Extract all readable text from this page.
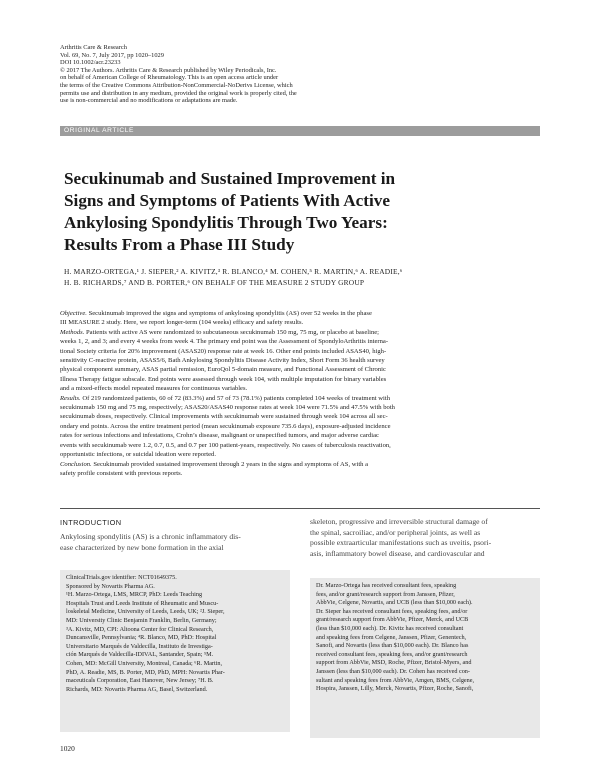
Arthritis Care & Research
Vol. 69, No. 7, July 2017, pp 1020–1029
DOI 10.1002/acr.23233
© 2017 The Authors. Arthritis Care & Research published by Wiley Periodicals, Inc.
on behalf of American College of Rheumatology. This is an open access article under
the terms of the Creative Commons Attribution-NonCommercial-NoDerivs License, which
permits use and distribution in any medium, provided the original work is properly cited, the
use is non-commercial and no modifications or adaptations are made.
ORIGINAL ARTICLE
Secukinumab and Sustained Improvement in
Signs and Symptoms of Patients With Active
Ankylosing Spondylitis Through Two Years:
Results From a Phase III Study
H. MARZO-ORTEGA,¹ J. SIEPER,² A. KIVITZ,³ R. BLANCO,⁴ M. COHEN,⁵ R. MARTIN,⁶ A. READIE,⁶
H. B. RICHARDS,⁷ AND B. PORTER,⁶ ON BEHALF OF THE MEASURE 2 STUDY GROUP
Objective. Secukinumab improved the signs and symptoms of ankylosing spondylitis (AS) over 52 weeks in the phase
III MEASURE 2 study. Here, we report longer-term (104 weeks) efficacy and safety results.
Methods. Patients with active AS were randomized to subcutaneous secukinumab 150 mg, 75 mg, or placebo at baseline;
weeks 1, 2, and 3; and every 4 weeks from week 4. The primary end point was the Assessment of SpondyloArthritis interna-
tional Society criteria for 20% improvement (ASAS20) response rate at week 16. Other end points included ASAS40, high-
sensitivity C-reactive protein, ASAS5/6, Bath Ankylosing Spondylitis Disease Activity Index, Short Form 36 health survey
physical component summary, ASAS partial remission, EuroQol 5-domain measure, and Functional Assessment of Chronic
Illness Therapy fatigue subscale. End points were assessed through week 104, with multiple imputation for binary variables
and a mixed-effects model repeated measures for continuous variables.
Results. Of 219 randomized patients, 60 of 72 (83.3%) and 57 of 73 (78.1%) patients completed 104 weeks of treatment with
secukinumab 150 mg and 75 mg, respectively; ASAS20/ASAS40 response rates at week 104 were 71.5% and 47.5% with both
secukinumab doses, respectively. Clinical improvements with secukinumab were sustained through week 104 across all sec-
ondary end points. Across the entire treatment period (mean secukinumab exposure 735.6 days), exposure-adjusted incidence
rates for serious infections and infestations, Crohn’s disease, malignant or unspecified tumors, and major adverse cardiac
events with secukinumab were 1.2, 0.7, 0.5, and 0.7 per 100 patient-years, respectively. No cases of tuberculosis reactivation,
opportunistic infections, or suicidal ideation were reported.
Conclusion. Secukinumab provided sustained improvement through 2 years in the signs and symptoms of AS, with a
safety profile consistent with previous reports.
INTRODUCTION
Ankylosing spondylitis (AS) is a chronic inflammatory dis-
ease characterized by new bone formation in the axial
skeleton, progressive and irreversible structural damage of
the spinal, sacroiliac, and/or peripheral joints, as well as
possible extraarticular manifestations such as uveitis, psori-
asis, inflammatory bowel disease, and cardiovascular and
ClinicalTrials.gov identifier: NCT01649375.
Sponsored by Novartis Pharma AG.
¹H. Marzo-Ortega, LMS, MRCP, PhD: Leeds Teaching
Hospitals Trust and Leeds Institute of Rheumatic and Muscu-
loskeletal Medicine, University of Leeds, Leeds, UK; ²J. Sieper,
MD: University Clinic Benjamin Franklin, Berlin, Germany;
³A. Kivitz, MD, CPI: Altoona Center for Clinical Research,
Duncansville, Pennsylvania; ⁴R. Blanco, MD, PhD: Hospital
Universitario Marqués de Valdecilla, Instituto de Investiga-
ción Marqués de Valdecilla-IDIVAL, Santander, Spain; ⁵M.
Cohen, MD: McGill University, Montreal, Canada; ⁶R. Martin,
PhD, A. Readie, MS, B. Porter, MD, PhD, MPH: Novartis Phar-
maceuticals Corporation, East Hanover, New Jersey; ⁷H. B.
Richards, MD: Novartis Pharma AG, Basel, Switzerland.
Dr. Marzo-Ortega has received consultant fees, speaking
fees, and/or grant/research support from Janssen, Pfizer,
AbbVie, Celgene, Novartis, and UCB (less than $10,000 each).
Dr. Sieper has received consultant fees, speaking fees, and/or
grant/research support from AbbVie, Pfizer, Merck, and UCB
(less than $10,000 each). Dr. Kivitz has received consultant
and speaking fees from Celgene, Janssen, Pfizer, Genentech,
Sanofi, and Novartis (less than $10,000 each). Dr. Blanco has
received consultant fees, speaking fees, and/or grant/research
support from AbbVie, MSD, Roche, Pfizer, Bristol-Myers, and
Janssen (less than $10,000 each). Dr. Cohen has received con-
sultant and speaking fees from AbbVie, Amgen, BMS, Celgene,
Hospira, Janssen, Lilly, Merck, Novartis, Pfizer, Roche, Sanofi,
1020
